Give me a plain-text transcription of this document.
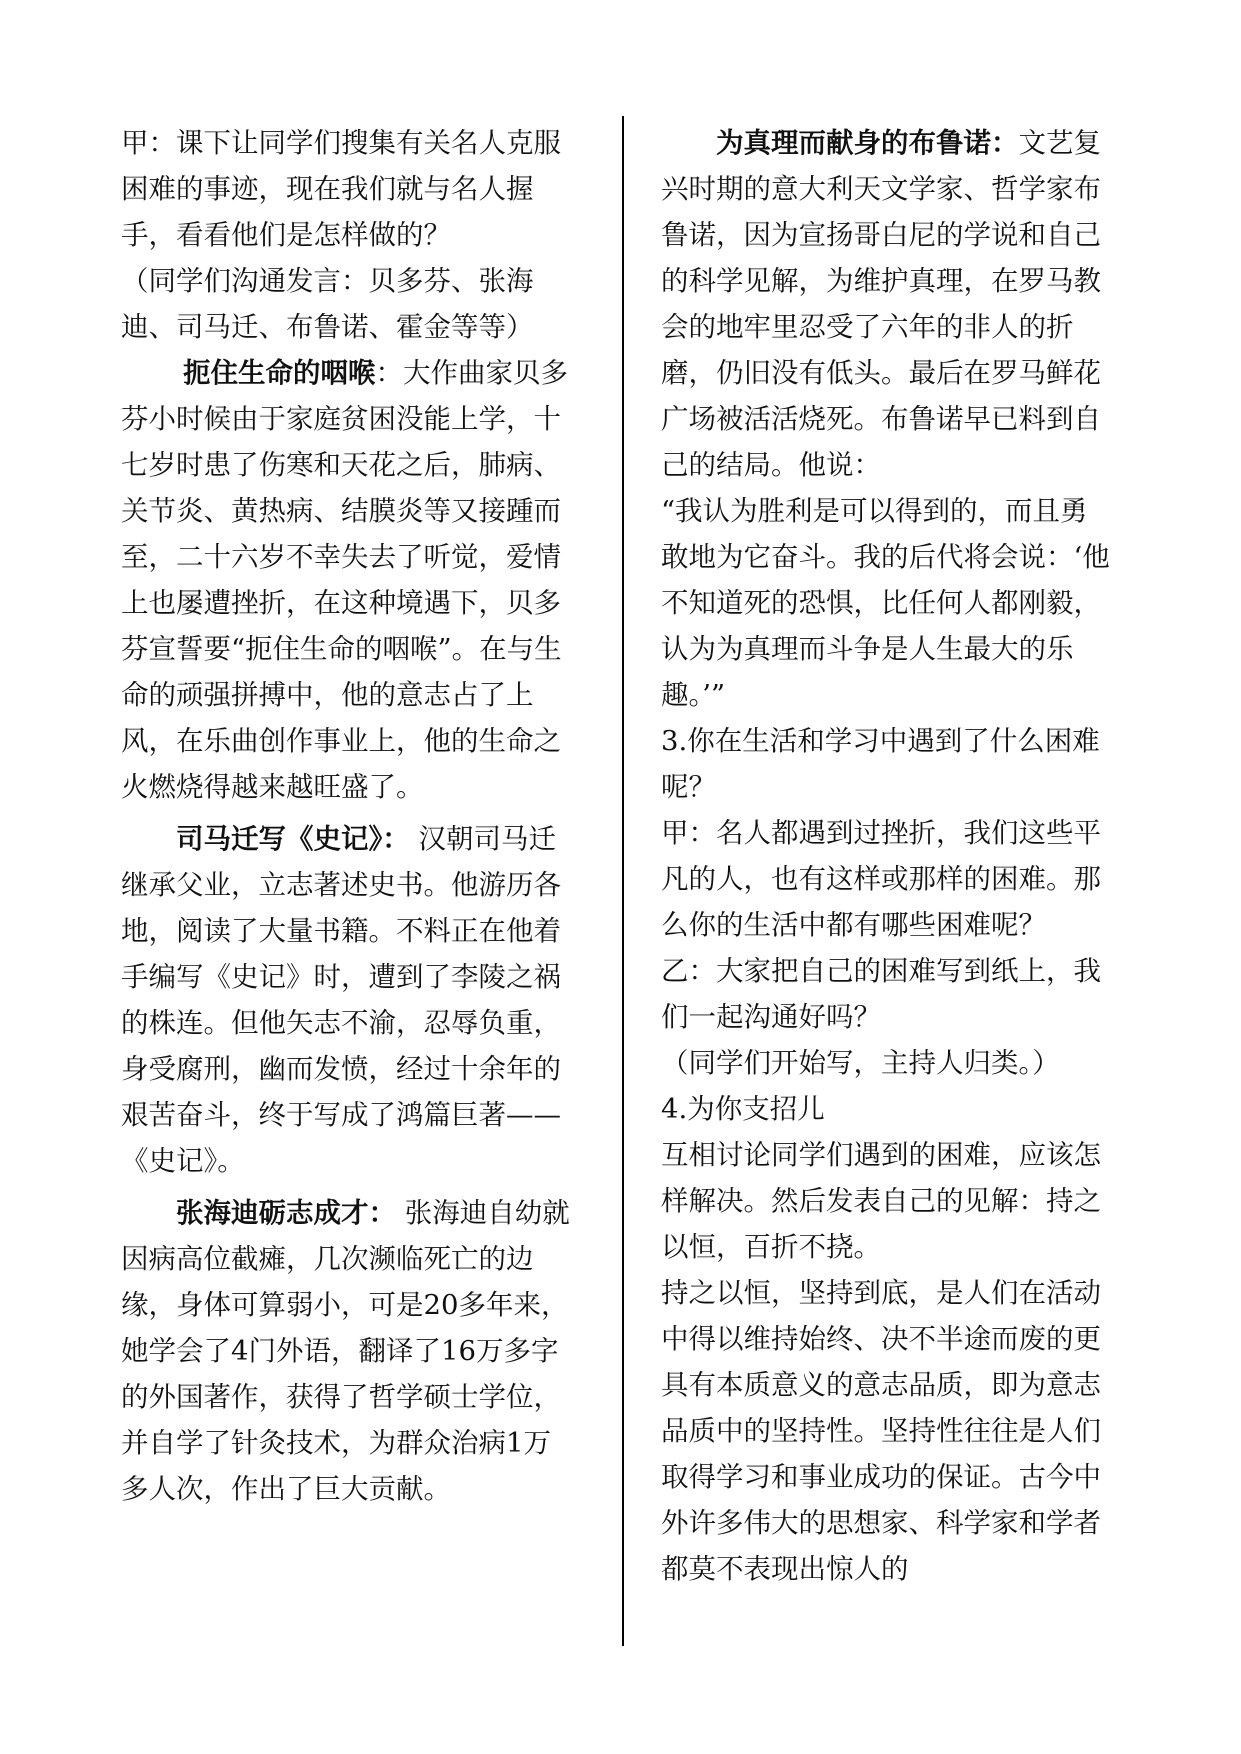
甲：课下让同学们搜集有关名人克服困难的事迹，现在我们就与名人握手，看看他们是怎样做的？

（同学们沟通发言：贝多芬、张海迪、司马迁、布鲁诺、霍金等等）

扼住生命的咽喉：大作曲家贝多芬小时候由于家庭贫困没能上学，十七岁时患了伤寒和天花之后，肺病、关节炎、黄热病、结膜炎等又接踵而至，二十六岁不幸失去了听觉，爱情上也屡遭挫折，在这种境遇下，贝多芬宣誓要“扼住生命的咽喉”。在与生命的顽强拼搏中，他的意志占了上风，在乐曲创作事业上，他的生命之火燃烧得越来越旺盛了。

司马迁写《史记》： 汉朝司马迁继承父业，立志著述史书。他游历各地，阅读了大量书籍。不料正在他着手编写《史记》时，遭到了李陵之祸的株连。但他矢志不渝，忍辱负重，身受腐刑，幽而发愤，经过十余年的艰苦奋斗，终于写成了鸿篇巨著——《史记》。

张海迪砺志成才： 张海迪自幼就因病高位截瘫，几次濒临死亡的边缘，身体可算弱小，可是20多年来，她学会了4门外语，翻译了16万多字的外国著作，获得了哲学硕士学位，并自学了针灸技术，为群众治病1万多人次，作出了巨大贡献。

为真理而献身的布鲁诺：文艺复兴时期的意大利天文学家、哲学家布鲁诺，因为宣扬哥白尼的学说和自己的科学见解，为维护真理，在罗马教会的地牢里忍受了六年的非人的折磨，仍旧没有低头。最后在罗马鲜花广场被活活烧死。布鲁诺早已料到自己的结局。他说：

“我认为胜利是可以得到的，而且勇敢地为它奋斗。我的后代将会说：‘他不知道死的恐惧，比任何人都刚毅，认为为真理而斗争是人生最大的乐趣。’”

3.你在生活和学习中遇到了什么困难呢？

甲：名人都遇到过挫折，我们这些平凡的人，也有这样或那样的困难。那么你的生活中都有哪些困难呢？

乙：大家把自己的困难写到纸上，我们一起沟通好吗？

（同学们开始写，主持人归类。）

4.为你支招儿

互相讨论同学们遇到的困难，应该怎样解决。然后发表自己的见解：持之以恒，百折不挠。

持之以恒，坚持到底，是人们在活动中得以维持始终、决不半途而废的更具有本质意义的意志品质，即为意志品质中的坚持性。坚持性往往是人们取得学习和事业成功的保证。古今中外许多伟大的思想家、科学家和学者都莫不表现出惊人的
